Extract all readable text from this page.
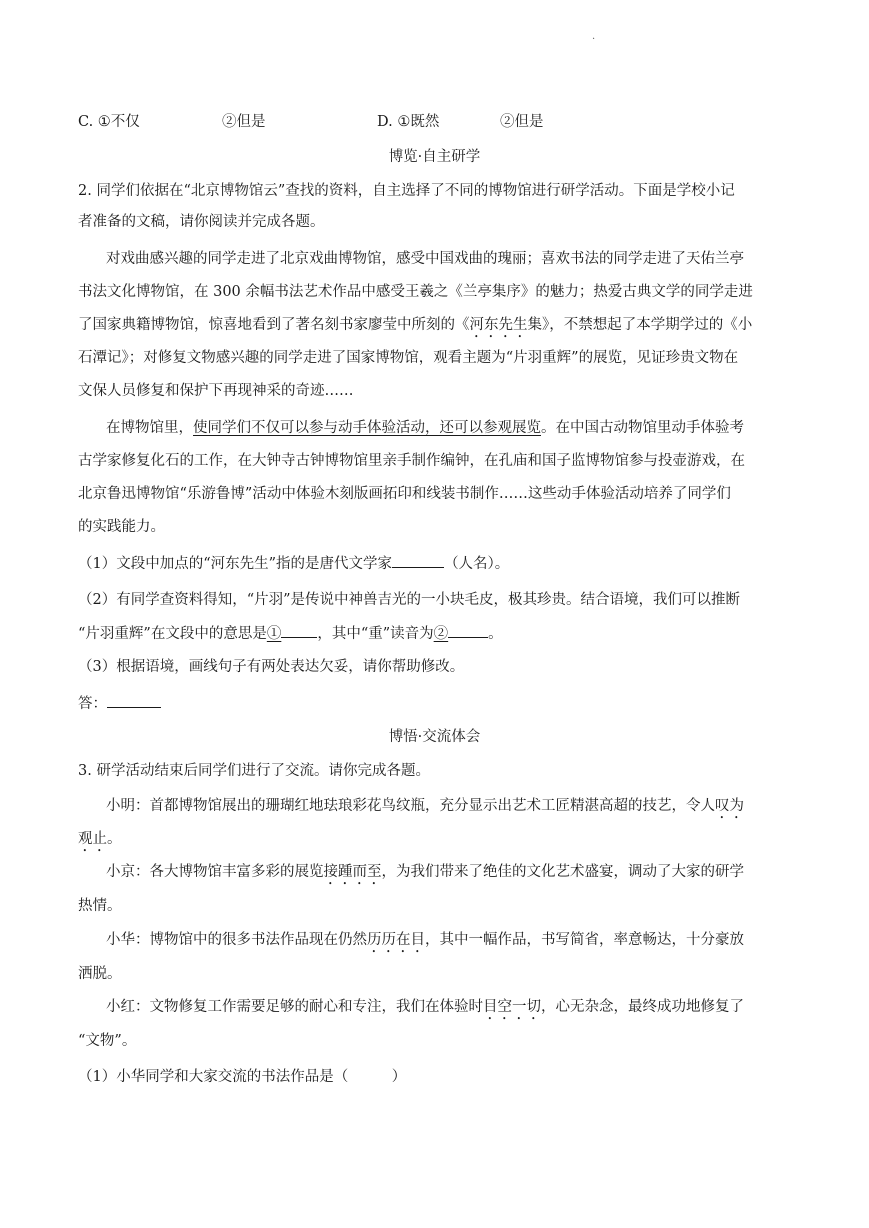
·
C. ①不仅	②但是	D. ①既然	②但是
博览·自主研学
2. 同学们依据在“北京博物馆云”查找的资料，自主选择了不同的博物馆进行研学活动。下面是学校小记
者准备的文稿，请你阅读并完成各题。
对戏曲感兴趣的同学走进了北京戏曲博物馆，感受中国戏曲的瑰丽；喜欢书法的同学走进了天佑兰亭
书法文化博物馆，在 300 余幅书法艺术作品中感受王羲之《兰亭集序》的魅力；热爱古典文学的同学走进
了国家典籍博物馆，惊喜地看到了著名刻书家廖莹中所刻的《河东先生集》，不禁想起了本学期学过的《小
石潭记》；对修复文物感兴趣的同学走进了国家博物馆，观看主题为“片羽重辉”的展览，见证珍贵文物在
文保人员修复和保护下再现神采的奇迹……
在博物馆里，使同学们不仅可以参与动手体验活动，还可以参观展览。在中国古动物馆里动手体验考
古学家修复化石的工作，在大钟寺古钟博物馆里亲手制作编钟，在孔庙和国子监博物馆参与投壶游戏，在
北京鲁迅博物馆“乐游鲁博”活动中体验木刻版画拓印和线装书制作……这些动手体验活动培养了同学们
的实践能力。
（1）文段中加点的“河东先生”指的是唐代文学家	（人名）。
（2）有同学查资料得知，“片羽”是传说中神兽吉光的一小块毛皮，极其珍贵。结合语境，我们可以推断
“片羽重辉”在文段中的意思是① ，其中“重”读音为②	。
（3）根据语境，画线句子有两处表达欠妥，请你帮助修改。
答：
博悟·交流体会
3. 研学活动结束后同学们进行了交流。请你完成各题。
小明：首都博物馆展出的珊瑚红地珐琅彩花鸟纹瓶，充分显示出艺术工匠精湛高超的技艺，令人叹为
观止。
小京：各大博物馆丰富多彩的展览接踵而至，为我们带来了绝佳的文化艺术盛宴，调动了大家的研学
热情。
小华：博物馆中的很多书法作品现在仍然历历在目，其中一幅作品，书写简省，率意畅达，十分豪放
洒脱。
小红：文物修复工作需要足够的耐心和专注，我们在体验时目空一切，心无杂念，最终成功地修复了
“文物”。
（1）小华同学和大家交流的书法作品是（　　　）
